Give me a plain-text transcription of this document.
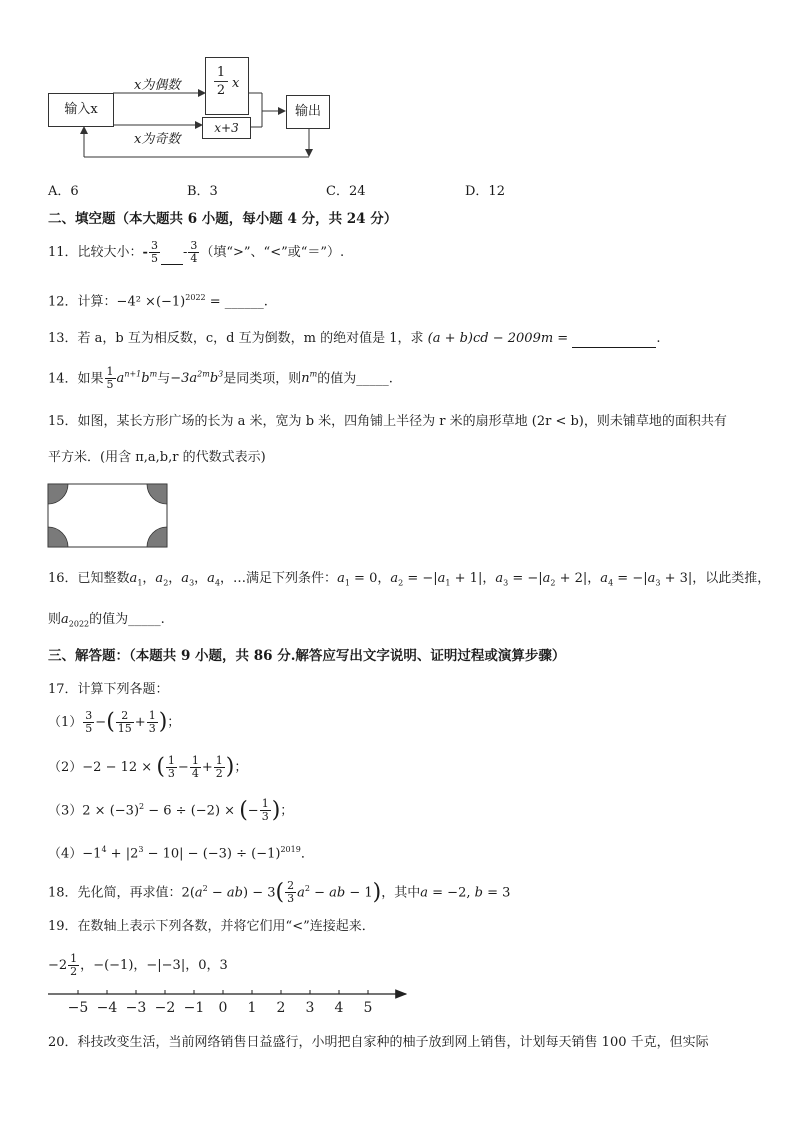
输入x
x为偶数
x为奇数
$\frac{1}{2}$ x
x+3
输出
A．6	B．3	C．24	D．12
二、填空题（本大题共 6 小题，每小题 4 分，共 24 分）
11．比较大小：- $\frac{3}{5} - \frac{3}{4}$ （填“>”、“<”或“＝”）.
12．计算：$-4^2 \times(-1)^{2022}$ = ______.
13．若 a，b 互为相反数，c，d 互为倒数，m 的绝对值是 1，求 (a + b)cd − 2009m =	.
14．如果 $\frac{1}{5} a^{n+1}b^m$与$-3a^{2m}b^3$是同类项，则$n^m$的值为_____.
15．如图，某长方形广场的长为 a 米，宽为 b 米，四角铺上半径为 r 米的扇形草地 (2r < b)，则未铺草地的面积共有
平方米．(用含 π,a,b,r 的代数式表示)
16．已知整数$a_1$，$a_2$，$a_3$，$a_4$，…满足下列条件：$a_1 = 0$，$a_2 = -|a_1 + 1|$，$a_3 = -|a_2 + 2|$，$a_4 = -|a_3 + 3|$，以此类推，
则$a_{2022}$的值为_____.
三、解答题：（本题共 9 小题，共 86 分.解答应写出文字说明、证明过程或演算步骤）
17．计算下列各题：
$(1) \frac{3}{5}$ −( $\frac{2}{15} + \frac{1}{3}$ )；
（2）−2 − 12 × ( $\frac{1}{3} - \frac{1}{4} + \frac{1}{2}$ )；
$(3)2 \times (-3)^2 - 6 \div (-2)$ × (− $\frac{1}{3}$ )；
$(4)-1^4 + |2^3 - 10| - (-3) \div (-1)^{2019}$．
18．先化简，再求值：$2(a^2 - ab) - 3( \frac{2}{3} a^2$ − ab − 1)，其中a = −2, b = 3
19．在数轴上表示下列各数，并将它们用“<”连接起来．
$-2 \frac{1}{2}$ ，−(−1)，−|−3|，0，3
−5 −4 −3 −2 −1 0 1 2 3 4 5
20．科技改变生活，当前网络销售日益盛行，小明把自家种的柚子放到网上销售，计划每天销售 100 千克，但实际
